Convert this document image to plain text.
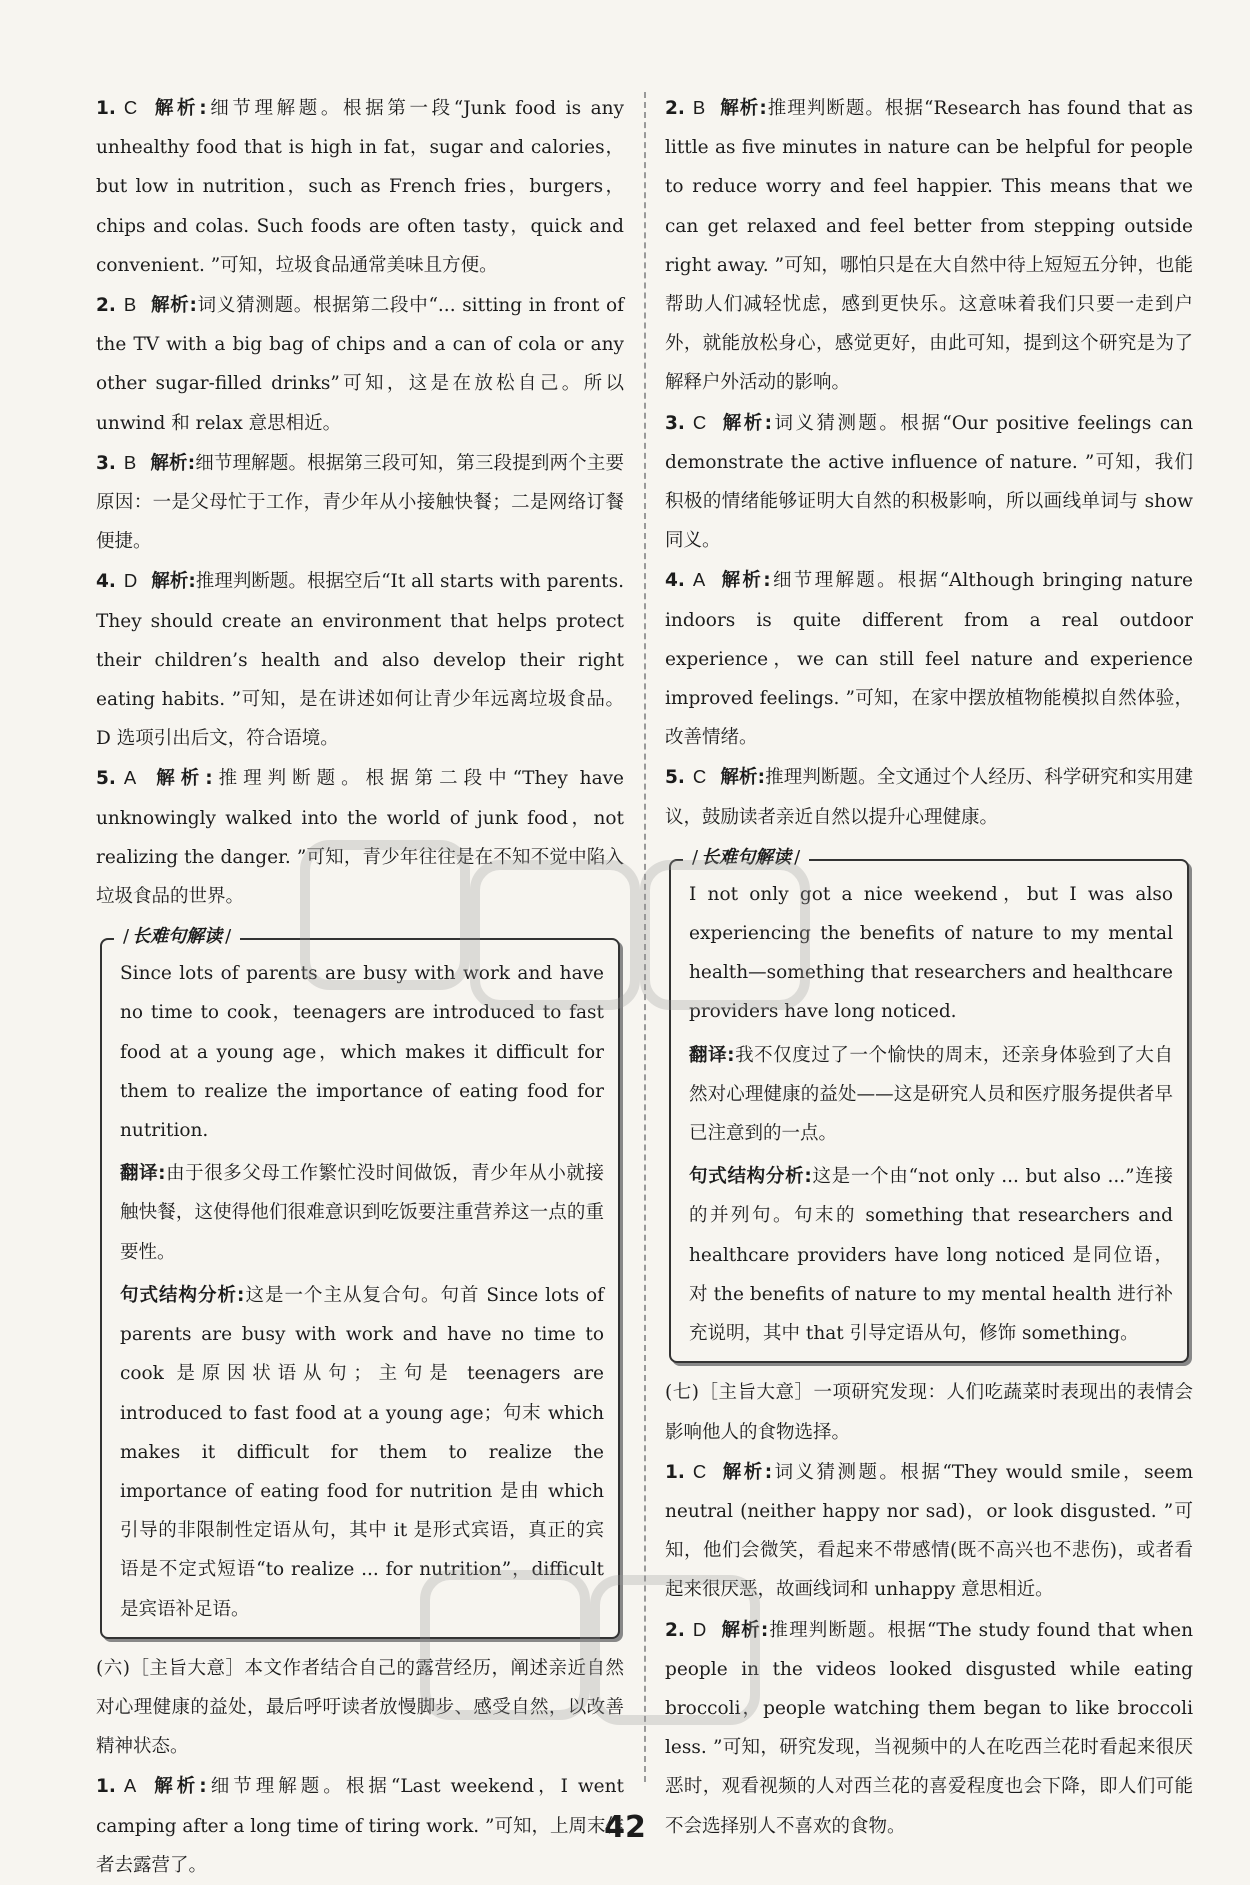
1. C 解析:细节理解题。根据第一段“Junk food is any unhealthy food that is high in fat，sugar and calories，but low in nutrition，such as French fries，burgers，chips and colas. Such foods are often tasty，quick and convenient. ”可知，垃圾食品通常美味且方便。

2. B 解析:词义猜测题。根据第二段中“... sitting in front of the TV with a big bag of chips and a can of cola or any other sugar-filled drinks”可知，这是在放松自己。所以 unwind 和 relax 意思相近。

3. B 解析:细节理解题。根据第三段可知，第三段提到两个主要原因：一是父母忙于工作，青少年从小接触快餐；二是网络订餐便捷。

4. D 解析:推理判断题。根据空后“It all starts with parents. They should create an environment that helps protect their children’s health and also develop their right eating habits. ”可知，是在讲述如何让青少年远离垃圾食品。D 选项引出后文，符合语境。

5. A 解析:推理判断题。根据第二段中“They have unknowingly walked into the world of junk food，not realizing the danger. ”可知，青少年往往是在不知不觉中陷入垃圾食品的世界。

/ 长难句解读 /

Since lots of parents are busy with work and have no time to cook，teenagers are introduced to fast food at a young age，which makes it difficult for them to realize the importance of eating food for nutrition.

翻译:由于很多父母工作繁忙没时间做饭，青少年从小就接触快餐，这使得他们很难意识到吃饭要注重营养这一点的重要性。

句式结构分析:这是一个主从复合句。句首 Since lots of parents are busy with work and have no time to cook 是原因状语从句；主句是 teenagers are introduced to fast food at a young age；句末 which makes it difficult for them to realize the importance of eating food for nutrition 是由 which 引导的非限制性定语从句，其中 it 是形式宾语，真正的宾语是不定式短语“to realize ... for nutrition”，difficult 是宾语补足语。

(六)［主旨大意］本文作者结合自己的露营经历，阐述亲近自然对心理健康的益处，最后呼吁读者放慢脚步、感受自然，以改善精神状态。

1. A 解析:细节理解题。根据“Last weekend，I went camping after a long time of tiring work. ”可知，上周末作者去露营了。

2. B 解析:推理判断题。根据“Research has found that as little as five minutes in nature can be helpful for people to reduce worry and feel happier. This means that we can get relaxed and feel better from stepping outside right away. ”可知，哪怕只是在大自然中待上短短五分钟，也能帮助人们减轻忧虑，感到更快乐。这意味着我们只要一走到户外，就能放松身心，感觉更好，由此可知，提到这个研究是为了解释户外活动的影响。

3. C 解析:词义猜测题。根据“Our positive feelings can demonstrate the active influence of nature. ”可知，我们积极的情绪能够证明大自然的积极影响，所以画线单词与 show 同义。

4. A 解析:细节理解题。根据“Although bringing nature indoors is quite different from a real outdoor experience，we can still feel nature and experience improved feelings. ”可知，在家中摆放植物能模拟自然体验，改善情绪。

5. C 解析:推理判断题。全文通过个人经历、科学研究和实用建议，鼓励读者亲近自然以提升心理健康。

/ 长难句解读 /

I not only got a nice weekend，but I was also experiencing the benefits of nature to my mental health—something that researchers and healthcare providers have long noticed.

翻译:我不仅度过了一个愉快的周末，还亲身体验到了大自然对心理健康的益处——这是研究人员和医疗服务提供者早已注意到的一点。

句式结构分析:这是一个由“not only ... but also ...”连接的并列句。句末的 something that researchers and healthcare providers have long noticed 是同位语，对 the benefits of nature to my mental health 进行补充说明，其中 that 引导定语从句，修饰 something。

(七)［主旨大意］一项研究发现：人们吃蔬菜时表现出的表情会影响他人的食物选择。

1. C 解析:词义猜测题。根据“They would smile，seem neutral (neither happy nor sad)，or look disgusted. ”可知，他们会微笑，看起来不带感情(既不高兴也不悲伤)，或者看起来很厌恶，故画线词和 unhappy 意思相近。

2. D 解析:推理判断题。根据“The study found that when people in the videos looked disgusted while eating broccoli，people watching them began to like broccoli less. ”可知，研究发现，当视频中的人在吃西兰花时看起来很厌恶时，观看视频的人对西兰花的喜爱程度也会下降，即人们可能不会选择别人不喜欢的食物。

42
